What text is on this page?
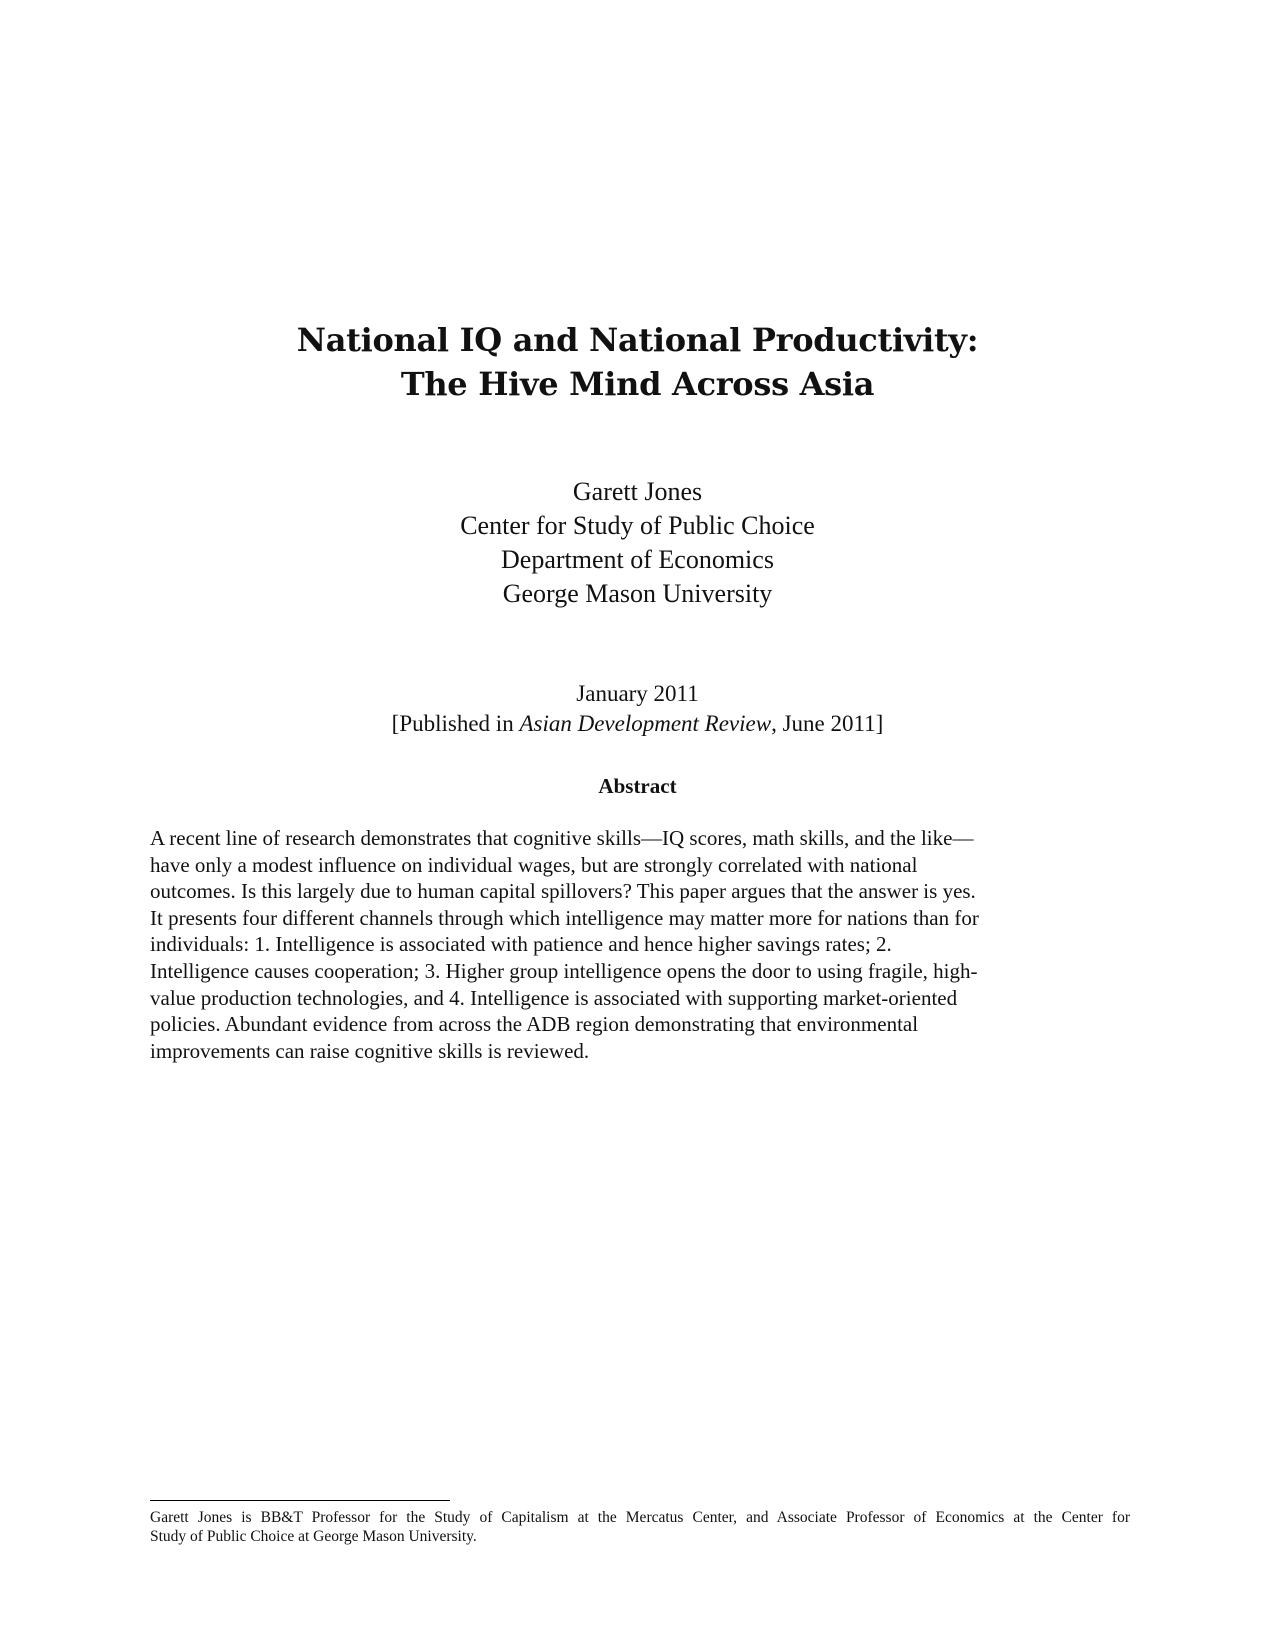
National IQ and National Productivity:
The Hive Mind Across Asia
Garett Jones
Center for Study of Public Choice
Department of Economics
George Mason University
January 2011
[Published in Asian Development Review, June 2011]
Abstract
A recent line of research demonstrates that cognitive skills—IQ scores, math skills, and the like—
have only a modest influence on individual wages, but are strongly correlated with national
outcomes. Is this largely due to human capital spillovers? This paper argues that the answer is yes.
It presents four different channels through which intelligence may matter more for nations than for
individuals: 1. Intelligence is associated with patience and hence higher savings rates; 2.
Intelligence causes cooperation; 3. Higher group intelligence opens the door to using fragile, high-
value production technologies, and 4. Intelligence is associated with supporting market-oriented
policies. Abundant evidence from across the ADB region demonstrating that environmental
improvements can raise cognitive skills is reviewed.
Garett Jones is BB&T Professor for the Study of Capitalism at the Mercatus Center, and Associate Professor of Economics at the Center for
Study of Public Choice at George Mason University.
